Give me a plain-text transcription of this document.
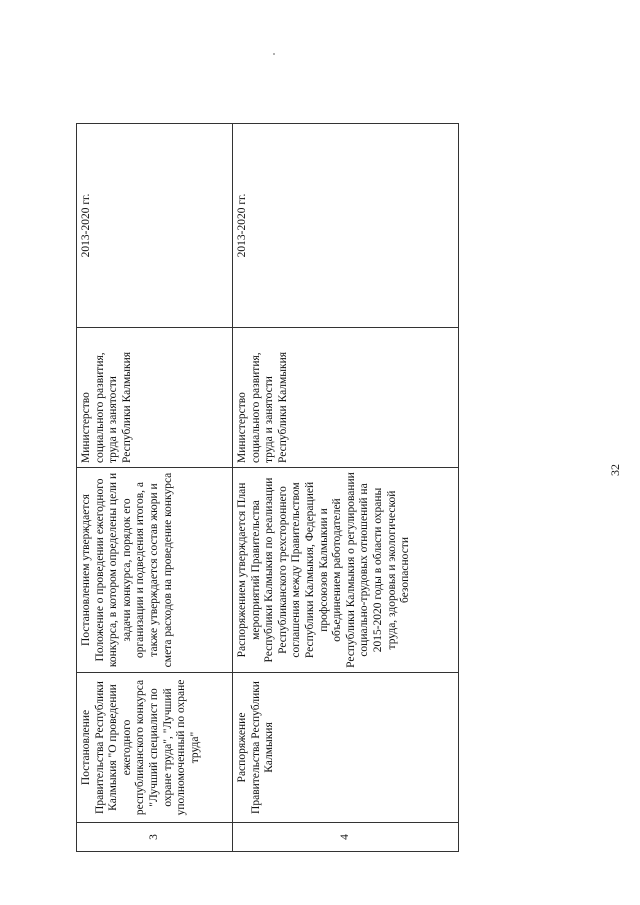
3	Постановление Правительства Республики Калмыкия "О проведении ежегодного республиканского конкурса "Лучший специалист по охране труда", "Лучший уполномоченный по охране труда"	Постановлением утверждается Положение о проведении ежегодного конкурса, в котором определены цели и задачи конкурса, порядок его организации и подведения итогов, а также утверждается состав жюри и смета расходов на проведение конкурса	Министерство социального развития, труда и занятости Республики Калмыкия	2013-2020 гг.
4	Распоряжение Правительства Республики Калмыкия	Распоряжением утверждается План мероприятий Правительства Республики Калмыкия по реализации Республиканского трехстороннего соглашения между Правительством Республики Калмыкия, Федерацией профсоюзов Калмыкии и объединением работодателей Республики Калмыкия о регулировании социально-трудовых отношений на 2015-2020 годы в области охраны труда, здоровья и экологической безопасности	Министерство социального развития, труда и занятости Республики Калмыкия	2013-2020 гг.
32
